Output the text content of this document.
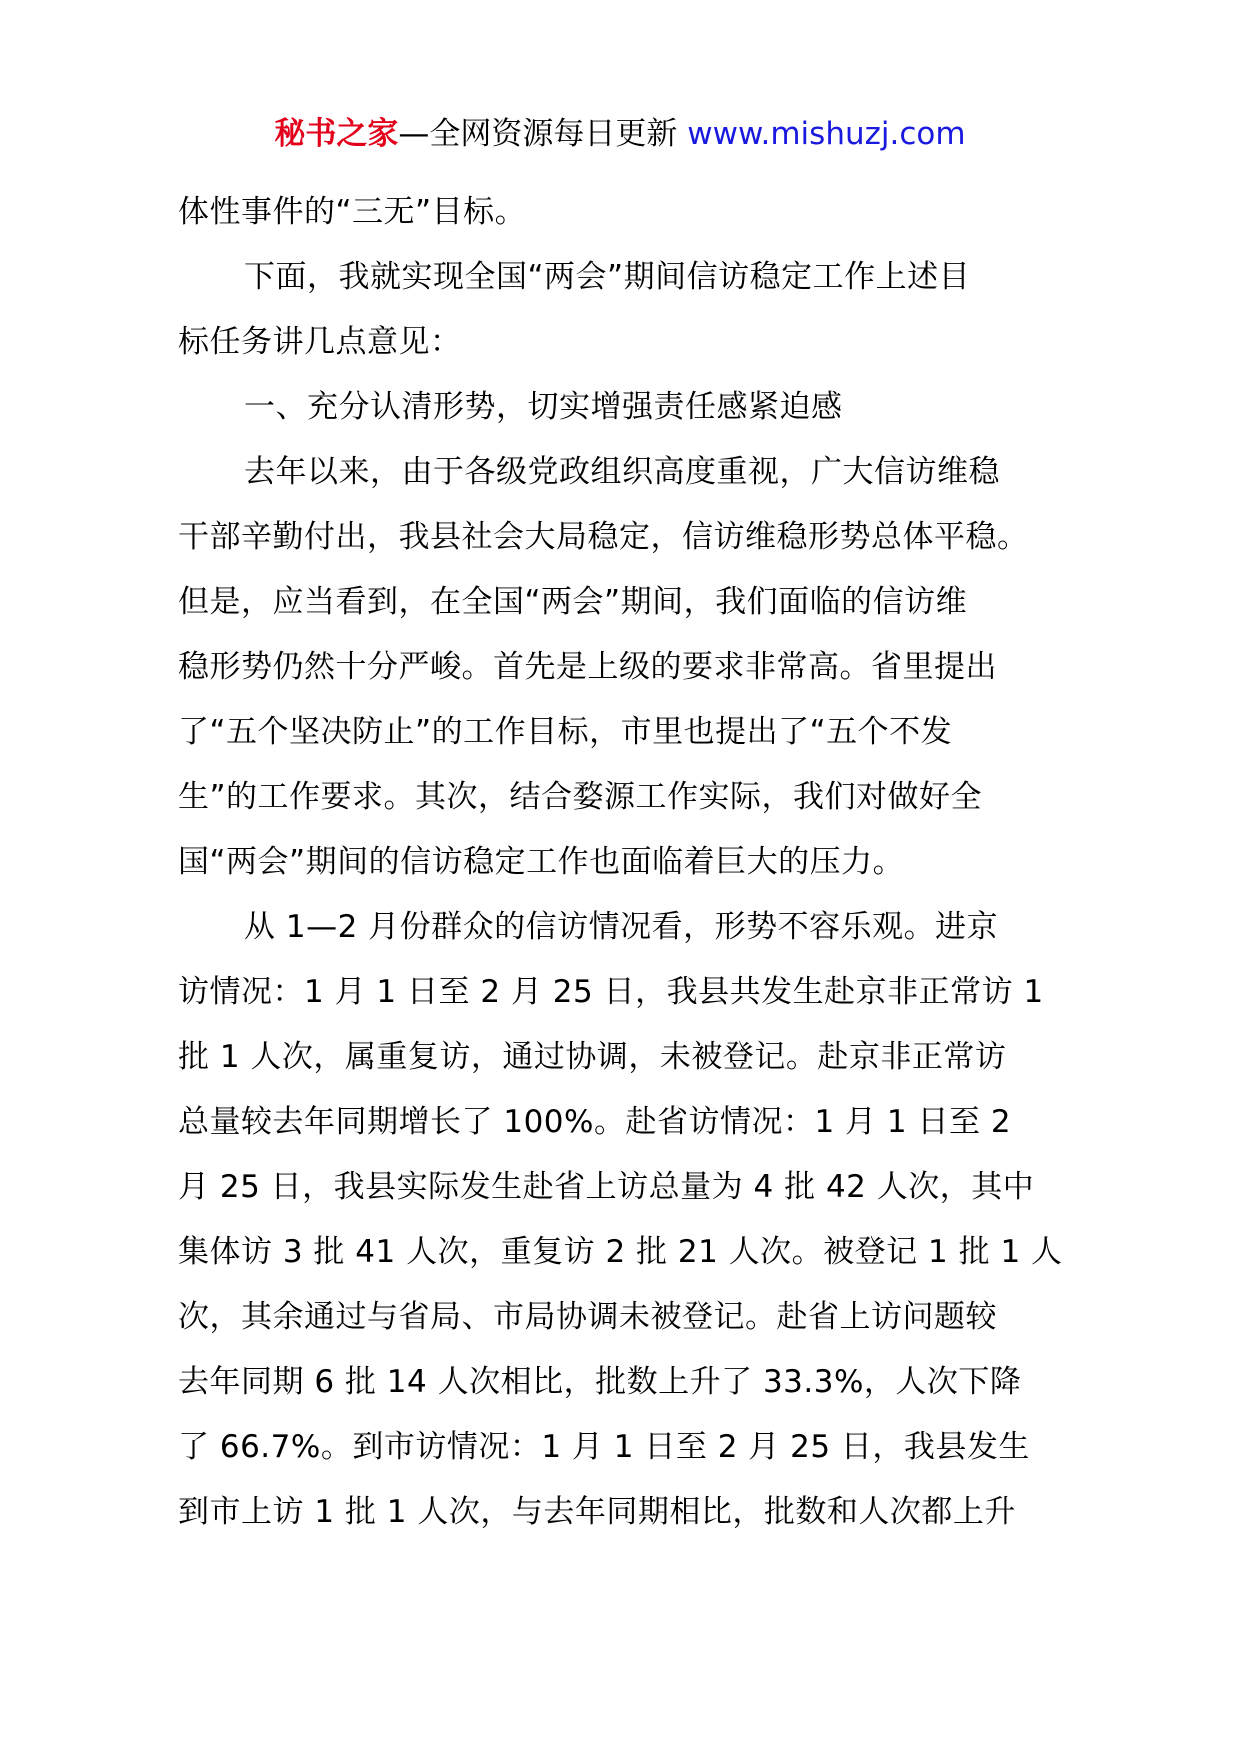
秘书之家—全网资源每日更新 www.mishuzj.com
体性事件的“三无”目标。
下面，我就实现全国“两会”期间信访稳定工作上述目
标任务讲几点意见：
一、充分认清形势，切实增强责任感紧迫感
去年以来，由于各级党政组织高度重视，广大信访维稳
干部辛勤付出，我县社会大局稳定，信访维稳形势总体平稳。
但是，应当看到，在全国“两会”期间，我们面临的信访维
稳形势仍然十分严峻。首先是上级的要求非常高。省里提出
了“五个坚决防止”的工作目标，市里也提出了“五个不发
生”的工作要求。其次，结合婺源工作实际，我们对做好全
国“两会”期间的信访稳定工作也面临着巨大的压力。
从 1—2 月份群众的信访情况看，形势不容乐观。进京
访情况：1 月 1 日至 2 月 25 日，我县共发生赴京非正常访 1
批 1 人次，属重复访，通过协调，未被登记。赴京非正常访
总量较去年同期增长了 100%。赴省访情况：1 月 1 日至 2
月 25 日，我县实际发生赴省上访总量为 4 批 42 人次，其中
集体访 3 批 41 人次，重复访 2 批 21 人次。被登记 1 批 1 人
次，其余通过与省局、市局协调未被登记。赴省上访问题较
去年同期 6 批 14 人次相比，批数上升了 33.3%，人次下降
了 66.7%。到市访情况：1 月 1 日至 2 月 25 日，我县发生
到市上访 1 批 1 人次，与去年同期相比，批数和人次都上升
